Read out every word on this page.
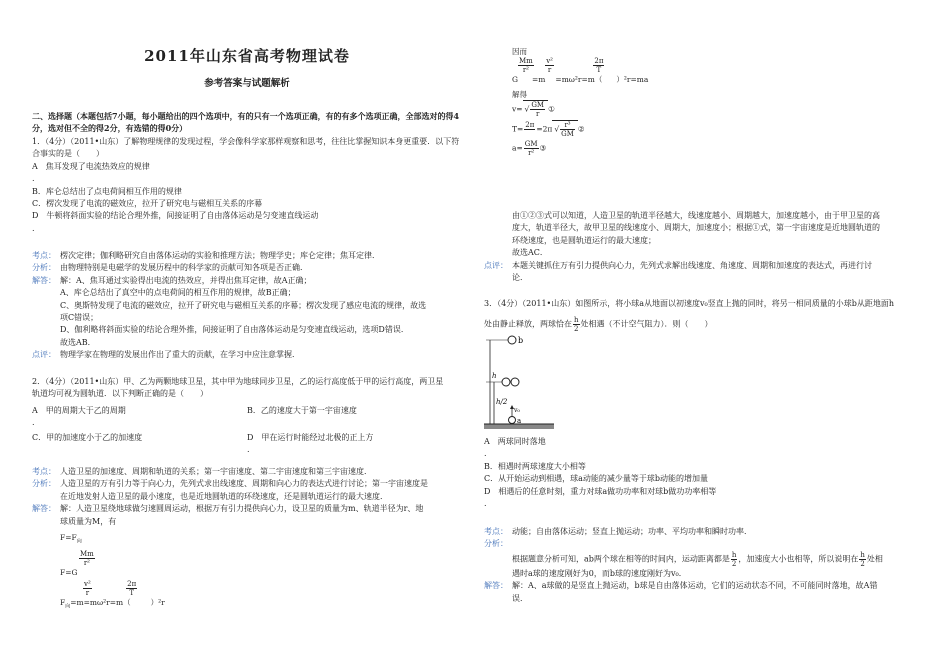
2011年山东省高考物理试卷
参考答案与试题解析
二、选择题（本题包括7小题，每小题给出的四个选项中，有的只有一个选项正确，有的有多个选项正确，全部选对的得4分，选对但不全的得2分，有选错的得0分）
1．（4分）（2011•山东）了解物理规律的发现过程，学会像科学家那样观察和思考，往往比掌握知识本身更重要．以下符合事实的是（　　）
A　焦耳发现了电流热效应的规律
.
B．库仑总结出了点电荷间相互作用的规律
C．楞次发现了电流的磁效应，拉开了研究电与磁相互关系的序幕
D　牛顿将斜面实验的结论合理外推，间接证明了自由落体运动是匀变速直线运动
.
考点： 楞次定律；伽利略研究自由落体运动的实验和推理方法；物理学史；库仑定律；焦耳定律．
分析： 由物理特别是电磁学的发展历程中的科学家的贡献可知各项是否正确．
解答： 解：A、焦耳通过实验得出电流的热效应，并得出焦耳定律，故A正确；
A、库仑总结出了真空中的点电荷间的相互作用的规律，故B正确；
C、奥斯特发现了电流的磁效应，拉开了研究电与磁相互关系的序幕；楞次发现了感应电流的规律，故选
项C错误；
D、伽利略将斜面实验的结论合理外推，间接证明了自由落体运动是匀变速直线运动，选项D错误．
故选AB．
点评： 物理学家在物理的发展出作出了重大的贡献，在学习中应注意掌握．
2．（4分）（2011•山东）甲、乙为两颗地球卫星，其中甲为地球同步卫星，乙的运行高度低于甲的运行高度，两卫星
轨道均可视为圆轨道．以下判断正确的是（　　）
A　甲的周期大于乙的周期	B．乙的速度大于第一宇宙速度
.
C．甲的加速度小于乙的加速度	D　甲在运行时能经过北极的正上方
.
考点： 人造卫星的加速度、周期和轨道的关系；第一宇宙速度、第二宇宙速度和第三宇宙速度．
分析： 人造卫星的万有引力等于向心力，先列式求出线速度、周期和向心力的表达式进行讨论；第一宇宙速度是
在近地发射人造卫星的最小速度，也是近地圆轨道的环绕速度，还是圆轨道运行的最大速度．
解答： 解：人造卫星绕地球做匀速圆周运动，根据万有引力提供向心力，设卫星的质量为m、轨道半径为r、地
球质量为M，有
$F=F_向$
$\frac{Mm}{\text{r²}}$
F=G
$\frac{\text{v²}}{r}$
	$\frac{2\pi}{T}$
$F_向=m=m\omega^2r=m$（	）²r
因而
$\frac{Mm}{\text{r²}}$
$\frac{\text{v²}}{r}$
	$\frac{2\pi}{T}$
G =m =mω²r=m（ ）²r=ma
解得
v= √ $\frac{GM}{r}$ ①
T= 2π =2π √ $\frac{\text{r³}}{GM}$ ②
$a= \frac{GM}{\text{r²}}$ ③
由①②③式可以知道，人造卫星的轨道半径越大，线速度越小、周期越大，加速度越小，由于甲卫星的高
度大，轨道半径大，故甲卫星的线速度小、周期大，加速度小；根据①式，第一宇宙速度是近地圆轨道的
环绕速度，也是圆轨道运行的最大速度；
故选AC．
点评： 本题关键抓住万有引力提供向心力，先列式求解出线速度、角速度、周期和加速度的表达式，再进行讨
论．
3．（4分）（2011•山东）如图所示，将小球a从地面以初速度v₀竖直上抛的同时，将另一相同质量的小球b从距地面h
处由静止释放，两球恰在 $\frac{h}{2}$ 处相遇（不计空气阻力）．则（　　）
b
h
h/2
v₀
a
A　两球同时落地
.
B．相遇时两球速度大小相等
C．从开始运动到相遇，球a动能的减少量等于球b动能的增加量
D　相遇后的任意时刻，重力对球a做功功率和对球b做功功率相等
.
考点： 动能；自由落体运动；竖直上抛运动；功率、平均功率和瞬时功率．
分析：
根据题意分析可知，ab两个球在相等的时间内，运动距离都是 $\frac{h}{2}$ ，加速度大小也相等，所以说明在 $\frac{h}{2}$ 处相
遇时a球的速度刚好为0，而b球的速度刚好为v₀．
解答： 解：A、a球做的是竖直上抛运动，b球是自由落体运动，它们的运动状态不同，不可能同时落地，故A错
误．
